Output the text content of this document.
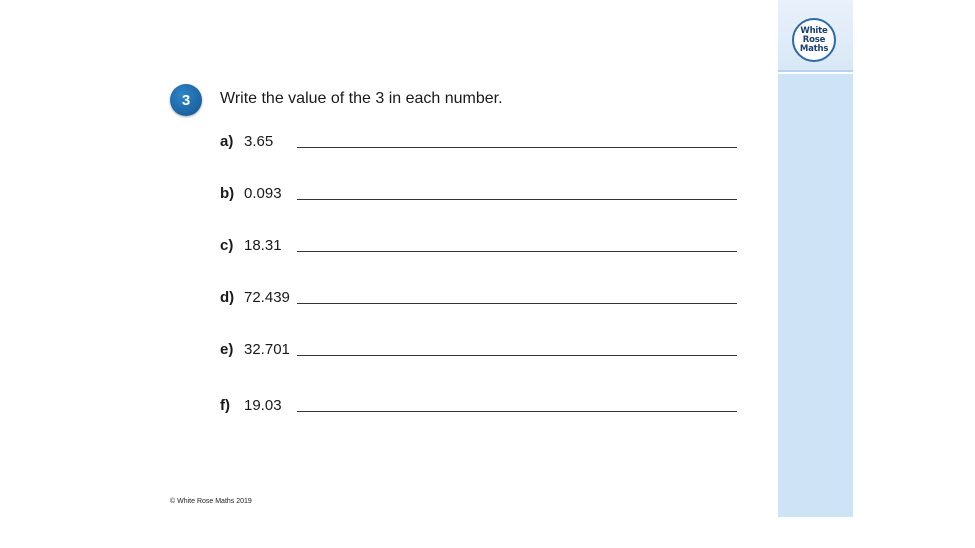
White
Rose
Maths
3	Write the value of the 3 in each number.
a) 3.65
b) 0.093
c) 18.31
d) 72.439
e) 32.701
f) 19.03
© White Rose Maths 2019
